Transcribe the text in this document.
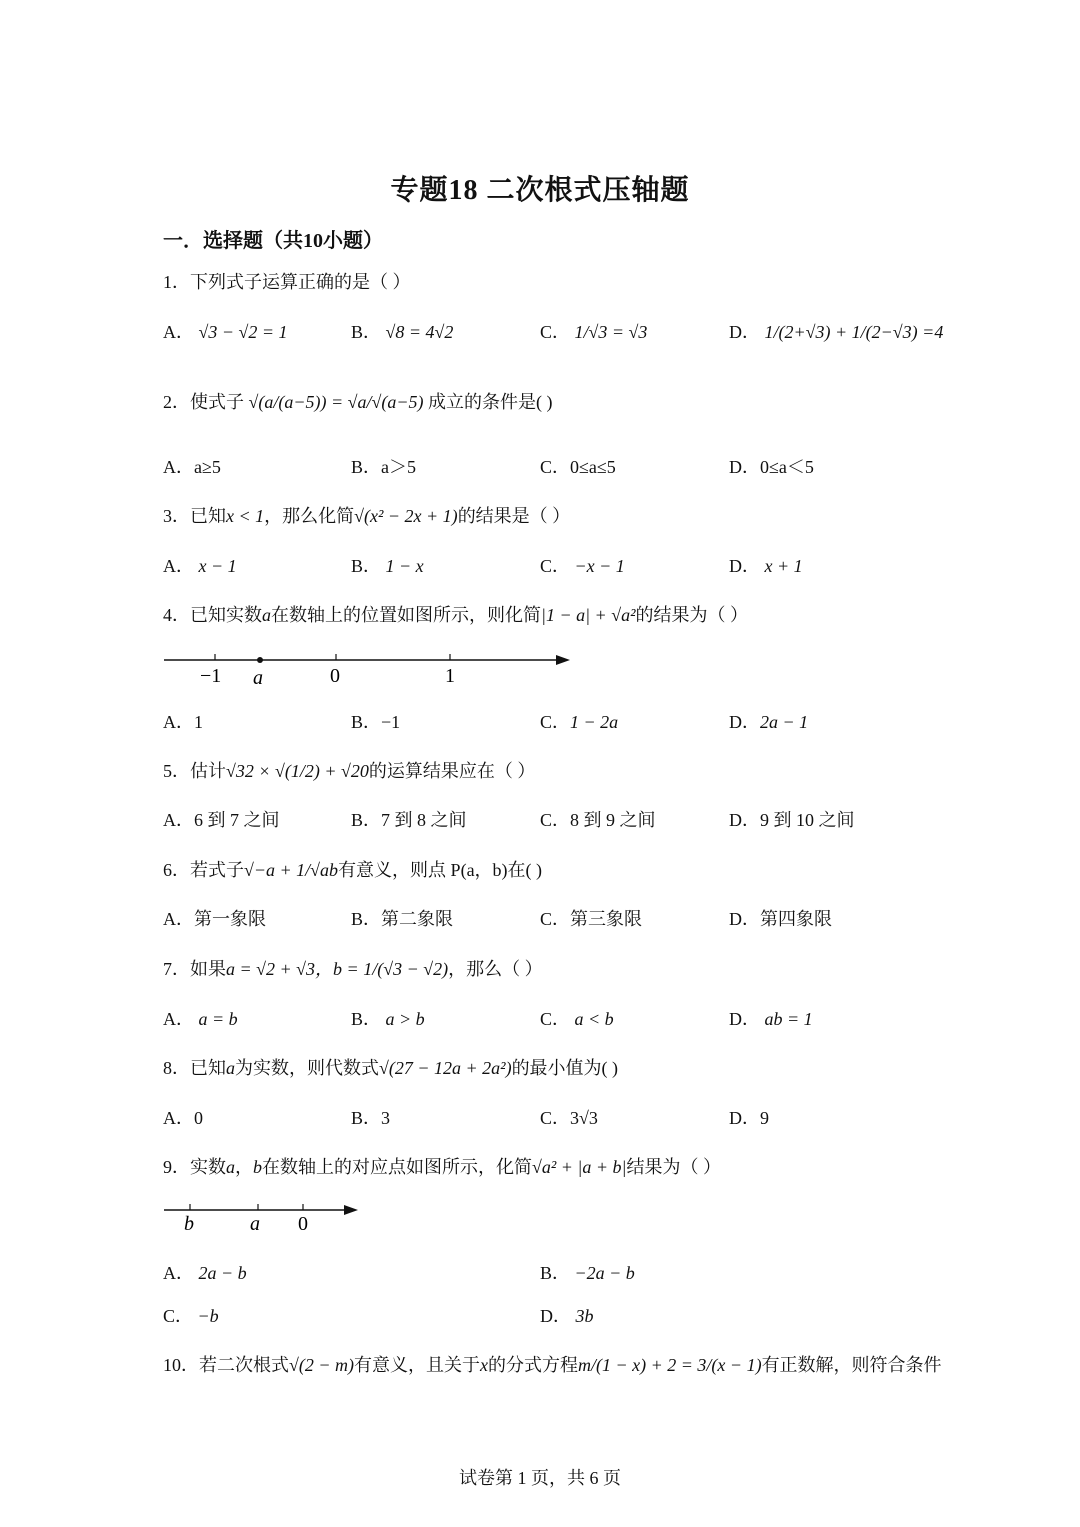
专题18 二次根式压轴题
一．选择题（共10小题）
1．下列式子运算正确的是（ ）
A． √3 − √2 = 1	B． √8 = 4√2	C． 1/√3 = √3	D． 1/(2+√3) + 1/(2−√3) =4
2．使式子 √(a/(a−5)) = √a/√(a−5) 成立的条件是( )
A．a≥5	B．a＞5	C．0≤a≤5	D．0≤a＜5
3．已知x < 1，那么化简√(x² − 2x + 1)的结果是（ ）
A． x − 1	B． 1 − x	C． −x − 1	D． x + 1
4．已知实数a在数轴上的位置如图所示，则化简|1 − a| + √a²的结果为（ ）
−1 a	0	1
A．1	B．−1	C．1 − 2a	D．2a − 1
5．估计√32 × √(1/2) + √20的运算结果应在（ ）
A．6 到 7 之间	B．7 到 8 之间	C．8 到 9 之间	D．9 到 10 之间
6．若式子√−a + 1/√ab有意义，则点 P(a，b)在( )
A．第一象限	B．第二象限	C．第三象限	D．第四象限
7．如果a = √2 + √3，b = 1/(√3 − √2)，那么（ ）
A． a = b	B． a > b	C． a < b	D． ab = 1
8．已知a为实数，则代数式√(27 − 12a + 2a²)的最小值为( )
A．0	B．3	C．3√3	D．9
9．实数a，b在数轴上的对应点如图所示，化简√a² + |a + b|结果为（ ）
b	a 0
A． 2a − b	B． −2a − b
C． −b	D． 3b
10．若二次根式√(2 − m)有意义，且关于x的分式方程m/(1 − x) + 2 = 3/(x − 1)有正数解，则符合条件
试卷第 1 页，共 6 页
